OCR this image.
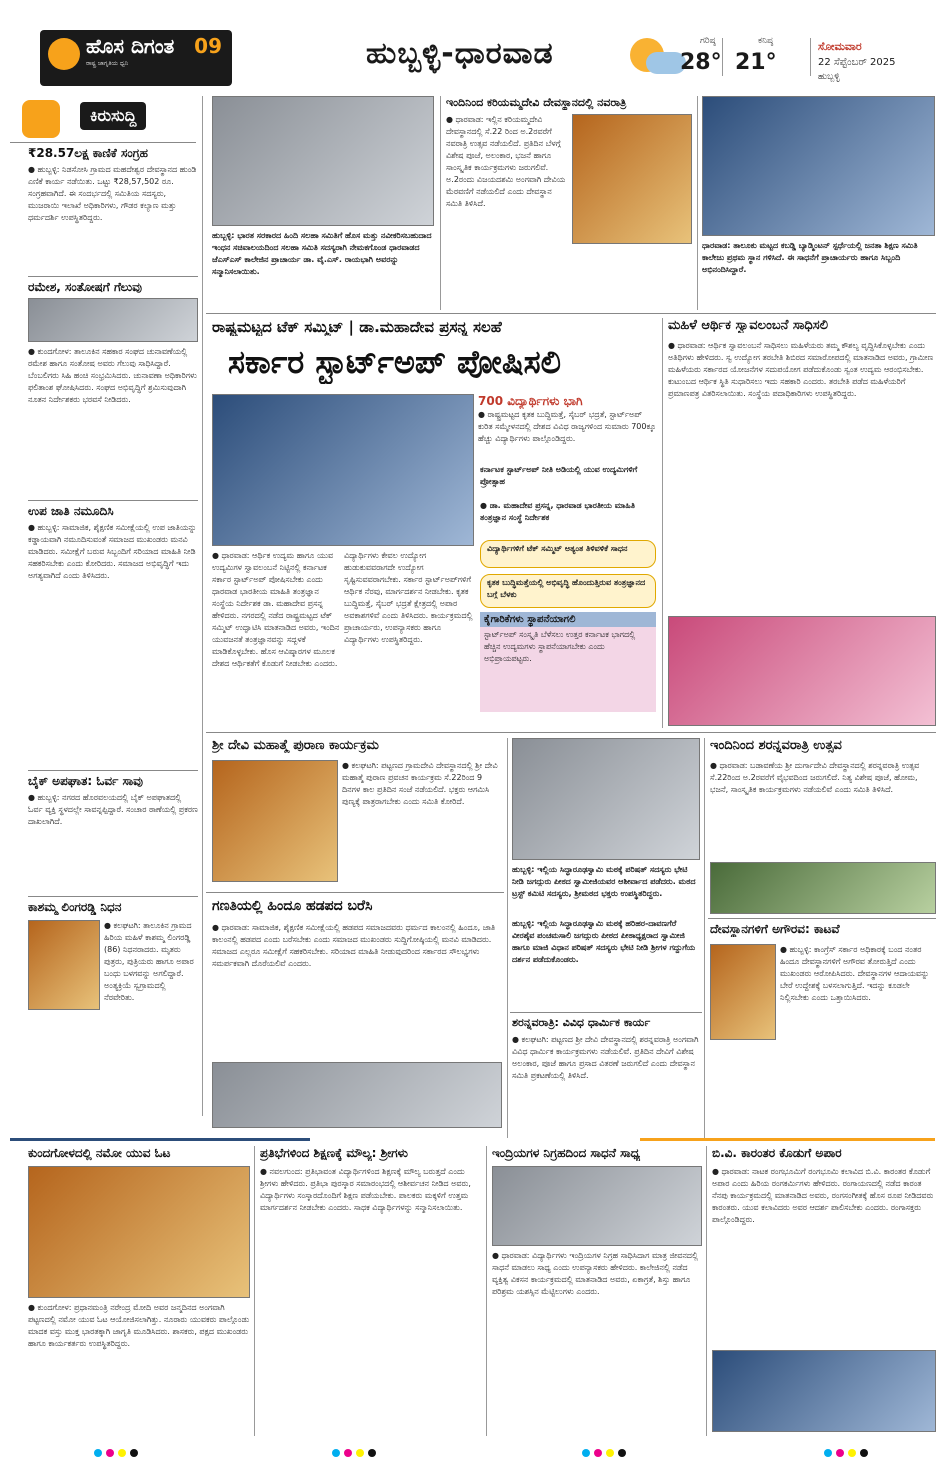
ಹೊಸ ದಿಗಂತ
ರಾಷ್ಟ್ರ ಜಾಗೃತಿಯ ಧ್ವನಿ
09	ಹುಬ್ಬಳ್ಳಿ-ಧಾರವಾಡ	ಗರಿಷ್ಠ
28°
ಕನಿಷ್ಠ
21°
ಸೋಮವಾರ
22 ಸೆಪ್ಟೆಂಬರ್ 2025
ಹುಬ್ಬಳ್ಳಿ
ಕಿರುಸುದ್ದಿ
₹28.57ಲಕ್ಷ ಕಾಣಿಕೆ ಸಂಗ್ರಹ
● ಹುಬ್ಬಳ್ಳಿ: ನಿಡಸೋಸಿ ಗ್ರಾಮದ ಮಹದೇಶ್ವರ ದೇವಸ್ಥಾನದ ಹುಂಡಿ ಎಣಿಕೆ ಕಾರ್ಯ ನಡೆಯಿತು. ಒಟ್ಟು ₹28,57,502 ರೂ. ಸಂಗ್ರಹವಾಗಿದೆ. ಈ ಸಂದರ್ಭದಲ್ಲಿ ಸಮಿತಿಯ ಸದಸ್ಯರು, ಮುಜರಾಯಿ ಇಲಾಖೆ ಅಧಿಕಾರಿಗಳು, ಗೌಡರ ಕಲ್ಯಾಣ ಮತ್ತು ಧರ್ಮದರ್ಶಿ ಉಪಸ್ಥಿತರಿದ್ದರು.
ರಮೇಶ, ಸಂತೋಷಗೆ ಗೆಲುವು
● ಕುಂದಗೋಳ: ತಾಲೂಕಿನ ಸಹಕಾರ ಸಂಘದ ಚುನಾವಣೆಯಲ್ಲಿ ರಮೇಶ ಹಾಗೂ ಸಂತೋಷ ಅವರು ಗೆಲುವು ಸಾಧಿಸಿದ್ದಾರೆ. ಬೆಂಬಲಿಗರು ಸಿಹಿ ಹಂಚಿ ಸಂಭ್ರಮಿಸಿದರು. ಚುನಾವಣಾ ಅಧಿಕಾರಿಗಳು ಫಲಿತಾಂಶ ಘೋಷಿಸಿದರು. ಸಂಘದ ಅಭಿವೃದ್ಧಿಗೆ ಶ್ರಮಿಸುವುದಾಗಿ ನೂತನ ನಿರ್ದೇಶಕರು ಭರವಸೆ ನೀಡಿದರು.
ಉಪ ಜಾತಿ ನಮೂದಿಸಿ
● ಹುಬ್ಬಳ್ಳಿ: ಸಾಮಾಜಿಕ, ಶೈಕ್ಷಣಿಕ ಸಮೀಕ್ಷೆಯಲ್ಲಿ ಉಪ ಜಾತಿಯನ್ನು ಕಡ್ಡಾಯವಾಗಿ ನಮೂದಿಸುವಂತೆ ಸಮಾಜದ ಮುಖಂಡರು ಮನವಿ ಮಾಡಿದರು. ಸಮೀಕ್ಷೆಗೆ ಬರುವ ಸಿಬ್ಬಂದಿಗೆ ಸರಿಯಾದ ಮಾಹಿತಿ ನೀಡಿ ಸಹಕರಿಸಬೇಕು ಎಂದು ಕೋರಿದರು. ಸಮಾಜದ ಅಭಿವೃದ್ಧಿಗೆ ಇದು ಅಗತ್ಯವಾಗಿದೆ ಎಂದು ತಿಳಿಸಿದರು.
ಬೈಕ್ ಅಪಘಾತ: ಓರ್ವ ಸಾವು
● ಹುಬ್ಬಳ್ಳಿ: ನಗರದ ಹೊರವಲಯದಲ್ಲಿ ಬೈಕ್ ಅಪಘಾತದಲ್ಲಿ ಓರ್ವ ವ್ಯಕ್ತಿ ಸ್ಥಳದಲ್ಲೇ ಸಾವನ್ನಪ್ಪಿದ್ದಾರೆ. ಸಂಚಾರ ಠಾಣೆಯಲ್ಲಿ ಪ್ರಕರಣ ದಾಖಲಾಗಿದೆ.
ಕಾಶಮ್ಮ ಲಿಂಗರಡ್ಡಿ ನಿಧನ
● ಕಲಘಟಗಿ: ತಾಲೂಕಿನ ಗ್ರಾಮದ ಹಿರಿಯ ಮಹಿಳೆ ಕಾಶಮ್ಮ ಲಿಂಗರಡ್ಡಿ (86) ನಿಧನರಾದರು. ಮೃತರು ಪುತ್ರರು, ಪುತ್ರಿಯರು ಹಾಗೂ ಅಪಾರ ಬಂಧು ಬಳಗವನ್ನು ಅಗಲಿದ್ದಾರೆ. ಅಂತ್ಯಕ್ರಿಯೆ ಸ್ವಗ್ರಾಮದಲ್ಲಿ ನೆರವೇರಿತು.
ಹುಬ್ಬಳ್ಳಿ: ಭಾರತ ಸರಕಾರದ ಹಿಂದಿ ಸಲಹಾ ಸಮಿತಿಗೆ ಹೊಸ ಮತ್ತು ನವೀಕರಿಸಬಹುದಾದ ಇಂಧನ ಸಚಿವಾಲಯದಿಂದ ಸಲಹಾ ಸಮಿತಿ ಸದಸ್ಯರಾಗಿ ನೇಮಕಗೊಂಡ ಧಾರವಾಡದ ಜೆಎಸ್ಎಸ್ ಕಾಲೇಜಿನ ಪ್ರಾಚಾರ್ಯ ಡಾ. ವೈ.ಎಸ್. ರಾಯಭಾಗಿ ಅವರನ್ನು ಸನ್ಮಾನಿಸಲಾಯಿತು.
ಇಂದಿನಿಂದ ಕರಿಯಮ್ಮದೇವಿ ದೇವಸ್ಥಾನದಲ್ಲಿ ನವರಾತ್ರಿ
● ಧಾರವಾಡ: ಇಲ್ಲಿನ ಕರಿಯಮ್ಮದೇವಿ ದೇವಸ್ಥಾನದಲ್ಲಿ ಸೆ.22 ರಿಂದ ಅ.2ರವರೆಗೆ ನವರಾತ್ರಿ ಉತ್ಸವ ನಡೆಯಲಿದೆ. ಪ್ರತಿದಿನ ಬೆಳಗ್ಗೆ ವಿಶೇಷ ಪೂಜೆ, ಅಲಂಕಾರ, ಭಜನೆ ಹಾಗೂ ಸಾಂಸ್ಕೃತಿಕ ಕಾರ್ಯಕ್ರಮಗಳು ಜರುಗಲಿವೆ. ಅ.2ರಂದು ವಿಜಯದಶಮಿ ಅಂಗವಾಗಿ ದೇವಿಯ ಮೆರವಣಿಗೆ ನಡೆಯಲಿದೆ ಎಂದು ದೇವಸ್ಥಾನ ಸಮಿತಿ ತಿಳಿಸಿದೆ.
ಧಾರವಾಡ: ತಾಲೂಕು ಮಟ್ಟದ ಕಬಡ್ಡಿ ಬ್ಯಾಡ್ಮಿಂಟನ್ ಸ್ಪರ್ಧೆಯಲ್ಲಿ ಜನತಾ ಶಿಕ್ಷಣ ಸಮಿತಿ ಕಾಲೇಜು ಪ್ರಥಮ ಸ್ಥಾನ ಗಳಿಸಿದೆ. ಈ ಸಾಧನೆಗೆ ಪ್ರಾಚಾರ್ಯರು ಹಾಗೂ ಸಿಬ್ಬಂದಿ ಅಭಿನಂದಿಸಿದ್ದಾರೆ.
ರಾಷ್ಟ್ರಮಟ್ಟದ ಟೆಕ್ ಸಮ್ಮಿಟ್ | ಡಾ.ಮಹಾದೇವ ಪ್ರಸನ್ನ ಸಲಹೆ
ಸರ್ಕಾರ ಸ್ಟಾರ್ಟ್‌ಅಪ್ ಪೋಷಿಸಲಿ
700 ವಿದ್ಯಾರ್ಥಿಗಳು ಭಾಗಿ
● ರಾಷ್ಟ್ರಮಟ್ಟದ ಕೃತಕ ಬುದ್ಧಿಮತ್ತೆ, ಸೈಬರ್ ಭದ್ರತೆ, ಸ್ಟಾರ್ಟ್‌ಅಪ್ ಕುರಿತ ಸಮ್ಮೇಳನದಲ್ಲಿ ದೇಶದ ವಿವಿಧ ರಾಜ್ಯಗಳಿಂದ ಸುಮಾರು 700ಕ್ಕೂ ಹೆಚ್ಚು ವಿದ್ಯಾರ್ಥಿಗಳು ಪಾಲ್ಗೊಂಡಿದ್ದರು.
ಕರ್ನಾಟಕ ಸ್ಟಾರ್ಟ್‌ಅಪ್ ನೀತಿ ಅಡಿಯಲ್ಲಿ ಯುವ ಉದ್ಯಮಿಗಳಿಗೆ ಪ್ರೋತ್ಸಾಹ
● ಡಾ. ಮಹಾದೇವ ಪ್ರಸನ್ನ, ಧಾರವಾಡ ಭಾರತೀಯ ಮಾಹಿತಿ ತಂತ್ರಜ್ಞಾನ ಸಂಸ್ಥೆ ನಿರ್ದೇಶಕ
ವಿದ್ಯಾರ್ಥಿಗಳಿಗೆ ಟೆಕ್ ಸಮ್ಮಿಟ್ ಅತ್ಯಂತ ತಿಳಿವಳಿಕೆ ಸಾಧನ
ಕೃತಕ ಬುದ್ಧಿಮತ್ತೆಯಲ್ಲಿ ಅಭಿವೃದ್ಧಿ ಹೊಂದುತ್ತಿರುವ ತಂತ್ರಜ್ಞಾನದ ಬಗ್ಗೆ ಬೆಳಕು
ಕೈಗಾರಿಕೆಗಳು ಸ್ಥಾಪನೆಯಾಗಲಿ
ಸ್ಟಾರ್ಟ್‌ಅಪ್ ಸಂಸ್ಕೃತಿ ಬೆಳೆಸಲು ಉತ್ತರ ಕರ್ನಾಟಕ ಭಾಗದಲ್ಲಿ ಹೆಚ್ಚಿನ ಉದ್ಯಮಗಳು ಸ್ಥಾಪನೆಯಾಗಬೇಕು ಎಂದು ಅಭಿಪ್ರಾಯಪಟ್ಟರು.
● ಧಾರವಾಡ: ಆರ್ಥಿಕ ಉದ್ಯಮ ಹಾಗೂ ಯುವ ಉದ್ಯಮಿಗಳ ಸ್ವಾವಲಂಬನೆ ನಿಟ್ಟಿನಲ್ಲಿ ಕರ್ನಾಟಕ ಸರ್ಕಾರ ಸ್ಟಾರ್ಟ್‌ಅಪ್ ಪೋಷಿಸಬೇಕು ಎಂದು ಧಾರವಾಡ ಭಾರತೀಯ ಮಾಹಿತಿ ತಂತ್ರಜ್ಞಾನ ಸಂಸ್ಥೆಯ ನಿರ್ದೇಶಕ ಡಾ. ಮಹಾದೇವ ಪ್ರಸನ್ನ ಹೇಳಿದರು. ನಗರದಲ್ಲಿ ನಡೆದ ರಾಷ್ಟ್ರಮಟ್ಟದ ಟೆಕ್ ಸಮ್ಮಿಟ್ ಉದ್ಘಾಟಿಸಿ ಮಾತನಾಡಿದ ಅವರು, ಇಂದಿನ ಯುವಜನತೆ ತಂತ್ರಜ್ಞಾನವನ್ನು ಸದ್ಬಳಕೆ ಮಾಡಿಕೊಳ್ಳಬೇಕು. ಹೊಸ ಆವಿಷ್ಕಾರಗಳ ಮೂಲಕ ದೇಶದ ಆರ್ಥಿಕತೆಗೆ ಕೊಡುಗೆ ನೀಡಬೇಕು ಎಂದರು.
ವಿದ್ಯಾರ್ಥಿಗಳು ಕೇವಲ ಉದ್ಯೋಗ ಹುಡುಕುವವರಾಗದೇ ಉದ್ಯೋಗ ಸೃಷ್ಟಿಸುವವರಾಗಬೇಕು. ಸರ್ಕಾರ ಸ್ಟಾರ್ಟ್‌ಅಪ್‌ಗಳಿಗೆ ಆರ್ಥಿಕ ನೆರವು, ಮಾರ್ಗದರ್ಶನ ನೀಡಬೇಕು. ಕೃತಕ ಬುದ್ಧಿಮತ್ತೆ, ಸೈಬರ್ ಭದ್ರತೆ ಕ್ಷೇತ್ರದಲ್ಲಿ ಅಪಾರ ಅವಕಾಶಗಳಿವೆ ಎಂದು ತಿಳಿಸಿದರು. ಕಾರ್ಯಕ್ರಮದಲ್ಲಿ ಪ್ರಾಚಾರ್ಯರು, ಉಪನ್ಯಾಸಕರು ಹಾಗೂ ವಿದ್ಯಾರ್ಥಿಗಳು ಉಪಸ್ಥಿತರಿದ್ದರು.
ಮಹಿಳೆ ಆರ್ಥಿಕ ಸ್ವಾವಲಂಬನೆ ಸಾಧಿಸಲಿ
● ಧಾರವಾಡ: ಆರ್ಥಿಕ ಸ್ವಾವಲಂಬನೆ ಸಾಧಿಸಲು ಮಹಿಳೆಯರು ತಮ್ಮ ಕೌಶಲ್ಯ ವೃದ್ಧಿಸಿಕೊಳ್ಳಬೇಕು ಎಂದು ಅತಿಥಿಗಳು ಹೇಳಿದರು. ಸ್ವ ಉದ್ಯೋಗ ತರಬೇತಿ ಶಿಬಿರದ ಸಮಾರೋಪದಲ್ಲಿ ಮಾತನಾಡಿದ ಅವರು, ಗ್ರಾಮೀಣ ಮಹಿಳೆಯರು ಸರ್ಕಾರದ ಯೋಜನೆಗಳ ಸದುಪಯೋಗ ಪಡೆದುಕೊಂಡು ಸ್ವಂತ ಉದ್ಯಮ ಆರಂಭಿಸಬೇಕು. ಕುಟುಂಬದ ಆರ್ಥಿಕ ಸ್ಥಿತಿ ಸುಧಾರಿಸಲು ಇದು ಸಹಕಾರಿ ಎಂದರು. ತರಬೇತಿ ಪಡೆದ ಮಹಿಳೆಯರಿಗೆ ಪ್ರಮಾಣಪತ್ರ ವಿತರಿಸಲಾಯಿತು. ಸಂಸ್ಥೆಯ ಪದಾಧಿಕಾರಿಗಳು ಉಪಸ್ಥಿತರಿದ್ದರು.
ಶ್ರೀ ದೇವಿ ಮಹಾತ್ಮೆ ಪುರಾಣ ಕಾರ್ಯಕ್ರಮ
● ಕಲಘಟಗಿ: ಪಟ್ಟಣದ ಗ್ರಾಮದೇವಿ ದೇವಸ್ಥಾನದಲ್ಲಿ ಶ್ರೀ ದೇವಿ ಮಹಾತ್ಮೆ ಪುರಾಣ ಪ್ರವಚನ ಕಾರ್ಯಕ್ರಮ ಸೆ.22ರಿಂದ 9 ದಿನಗಳ ಕಾಲ ಪ್ರತಿದಿನ ಸಂಜೆ ನಡೆಯಲಿದೆ. ಭಕ್ತರು ಆಗಮಿಸಿ ಪುಣ್ಯಕ್ಕೆ ಪಾತ್ರರಾಗಬೇಕು ಎಂದು ಸಮಿತಿ ಕೋರಿದೆ.
ಹುಬ್ಬಳ್ಳಿ: ಇಲ್ಲಿಯ ಸಿದ್ಧಾರೂಢಸ್ವಾಮಿ ಮಠಕ್ಕೆ ಪರಿಷತ್ ಸದಸ್ಯರು ಭೇಟಿ ನೀಡಿ ಜಗದ್ಗುರು ಪೀಠದ ಸ್ವಾಮೀಜಿಯವರ ಆಶೀರ್ವಾದ ಪಡೆದರು. ಮಠದ ಟ್ರಸ್ಟ್ ಕಮಿಟಿ ಸದಸ್ಯರು, ಶ್ರೀಮಠದ ಭಕ್ತರು ಉಪಸ್ಥಿತರಿದ್ದರು.
ಇಂದಿನಿಂದ ಶರನ್ನವರಾತ್ರಿ ಉತ್ಸವ
● ಧಾರವಾಡ: ಬಡಾವಣೆಯ ಶ್ರೀ ದುರ್ಗಾದೇವಿ ದೇವಸ್ಥಾನದಲ್ಲಿ ಶರನ್ನವರಾತ್ರಿ ಉತ್ಸವ ಸೆ.22ರಿಂದ ಅ.2ರವರೆಗೆ ವೈಭವದಿಂದ ಜರುಗಲಿದೆ. ನಿತ್ಯ ವಿಶೇಷ ಪೂಜೆ, ಹೋಮ, ಭಜನೆ, ಸಾಂಸ್ಕೃತಿಕ ಕಾರ್ಯಕ್ರಮಗಳು ನಡೆಯಲಿವೆ ಎಂದು ಸಮಿತಿ ತಿಳಿಸಿದೆ.
ಗಣತಿಯಲ್ಲಿ ಹಿಂದೂ ಹಡಪದ ಬರೆಸಿ
● ಧಾರವಾಡ: ಸಾಮಾಜಿಕ, ಶೈಕ್ಷಣಿಕ ಸಮೀಕ್ಷೆಯಲ್ಲಿ ಹಡಪದ ಸಮಾಜದವರು ಧರ್ಮದ ಕಾಲಂನಲ್ಲಿ ಹಿಂದೂ, ಜಾತಿ ಕಾಲಂನಲ್ಲಿ ಹಡಪದ ಎಂದು ಬರೆಸಬೇಕು ಎಂದು ಸಮಾಜದ ಮುಖಂಡರು ಸುದ್ದಿಗೋಷ್ಠಿಯಲ್ಲಿ ಮನವಿ ಮಾಡಿದರು. ಸಮಾಜದ ಎಲ್ಲರೂ ಸಮೀಕ್ಷೆಗೆ ಸಹಕರಿಸಬೇಕು. ಸರಿಯಾದ ಮಾಹಿತಿ ನೀಡುವುದರಿಂದ ಸರ್ಕಾರದ ಸೌಲಭ್ಯಗಳು ಸಮರ್ಪಕವಾಗಿ ದೊರೆಯಲಿವೆ ಎಂದರು.
ಹುಬ್ಬಳ್ಳಿ: ಇಲ್ಲಿಯ ಸಿದ್ಧಾರೂಢಸ್ವಾಮಿ ಮಠಕ್ಕೆ ಹರಿಹರ-ದಾವಣಗೆರೆ ವೀರಶೈವ ಪಂಚಮಸಾಲಿ ಜಗದ್ಗುರು ಪೀಠದ ಪೀಠಾಧ್ಯಕ್ಷರಾದ ಸ್ವಾಮೀಜಿ ಹಾಗೂ ಮಾಜಿ ವಿಧಾನ ಪರಿಷತ್ ಸದಸ್ಯರು ಭೇಟಿ ನೀಡಿ ಶ್ರೀಗಳ ಗದ್ದುಗೆಯ ದರ್ಶನ ಪಡೆದುಕೊಂಡರು.
ದೇವಸ್ಥಾನಗಳಿಗೆ ಅಗೌರವ: ಕಾಟವೆ
● ಹುಬ್ಬಳ್ಳಿ: ಕಾಂಗ್ರೆಸ್ ಸರ್ಕಾರ ಅಧಿಕಾರಕ್ಕೆ ಬಂದ ನಂತರ ಹಿಂದೂ ದೇವಸ್ಥಾನಗಳಿಗೆ ಅಗೌರವ ತೋರುತ್ತಿದೆ ಎಂದು ಮುಖಂಡರು ಆರೋಪಿಸಿದರು. ದೇವಸ್ಥಾನಗಳ ಆದಾಯವನ್ನು ಬೇರೆ ಉದ್ದೇಶಕ್ಕೆ ಬಳಸಲಾಗುತ್ತಿದೆ. ಇದನ್ನು ಕೂಡಲೇ ನಿಲ್ಲಿಸಬೇಕು ಎಂದು ಒತ್ತಾಯಿಸಿದರು.
ಶರನ್ನವರಾತ್ರಿ: ವಿವಿಧ ಧಾರ್ಮಿಕ ಕಾರ್ಯ
● ಕಲಘಟಗಿ: ಪಟ್ಟಣದ ಶ್ರೀ ದೇವಿ ದೇವಸ್ಥಾನದಲ್ಲಿ ಶರನ್ನವರಾತ್ರಿ ಅಂಗವಾಗಿ ವಿವಿಧ ಧಾರ್ಮಿಕ ಕಾರ್ಯಕ್ರಮಗಳು ನಡೆಯಲಿವೆ. ಪ್ರತಿದಿನ ದೇವಿಗೆ ವಿಶೇಷ ಅಲಂಕಾರ, ಪೂಜೆ ಹಾಗೂ ಪ್ರಸಾದ ವಿತರಣೆ ಜರುಗಲಿದೆ ಎಂದು ದೇವಸ್ಥಾನ ಸಮಿತಿ ಪ್ರಕಟಣೆಯಲ್ಲಿ ತಿಳಿಸಿದೆ.
ಕುಂದಗೋಳದಲ್ಲಿ ನಮೋ ಯುವ ಓಟ
● ಕುಂದಗೋಳ: ಪ್ರಧಾನಮಂತ್ರಿ ನರೇಂದ್ರ ಮೋದಿ ಅವರ ಜನ್ಮದಿನದ ಅಂಗವಾಗಿ ಪಟ್ಟಣದಲ್ಲಿ ನಮೋ ಯುವ ಓಟ ಆಯೋಜಿಸಲಾಗಿತ್ತು. ನೂರಾರು ಯುವಕರು ಪಾಲ್ಗೊಂಡು ಮಾದಕ ವಸ್ತು ಮುಕ್ತ ಭಾರತಕ್ಕಾಗಿ ಜಾಗೃತಿ ಮೂಡಿಸಿದರು. ಶಾಸಕರು, ಪಕ್ಷದ ಮುಖಂಡರು ಹಾಗೂ ಕಾರ್ಯಕರ್ತರು ಉಪಸ್ಥಿತರಿದ್ದರು.
ಪ್ರತಿಭೆಗಳಿಂದ ಶಿಕ್ಷಣಕ್ಕೆ ಮೌಲ್ಯ: ಶ್ರೀಗಳು
● ನವಲಗುಂದ: ಪ್ರತಿಭಾವಂತ ವಿದ್ಯಾರ್ಥಿಗಳಿಂದ ಶಿಕ್ಷಣಕ್ಕೆ ಮೌಲ್ಯ ಬರುತ್ತದೆ ಎಂದು ಶ್ರೀಗಳು ಹೇಳಿದರು. ಪ್ರತಿಭಾ ಪುರಸ್ಕಾರ ಸಮಾರಂಭದಲ್ಲಿ ಆಶೀರ್ವಚನ ನೀಡಿದ ಅವರು, ವಿದ್ಯಾರ್ಥಿಗಳು ಸಂಸ್ಕಾರದೊಂದಿಗೆ ಶಿಕ್ಷಣ ಪಡೆಯಬೇಕು. ಪಾಲಕರು ಮಕ್ಕಳಿಗೆ ಉತ್ತಮ ಮಾರ್ಗದರ್ಶನ ನೀಡಬೇಕು ಎಂದರು. ಸಾಧಕ ವಿದ್ಯಾರ್ಥಿಗಳನ್ನು ಸನ್ಮಾನಿಸಲಾಯಿತು.
ಇಂದ್ರಿಯಗಳ ನಿಗ್ರಹದಿಂದ ಸಾಧನೆ ಸಾಧ್ಯ
● ಧಾರವಾಡ: ವಿದ್ಯಾರ್ಥಿಗಳು ಇಂದ್ರಿಯಗಳ ನಿಗ್ರಹ ಸಾಧಿಸಿದಾಗ ಮಾತ್ರ ಜೀವನದಲ್ಲಿ ಸಾಧನೆ ಮಾಡಲು ಸಾಧ್ಯ ಎಂದು ಉಪನ್ಯಾಸಕರು ಹೇಳಿದರು. ಕಾಲೇಜಿನಲ್ಲಿ ನಡೆದ ವ್ಯಕ್ತಿತ್ವ ವಿಕಸನ ಕಾರ್ಯಕ್ರಮದಲ್ಲಿ ಮಾತನಾಡಿದ ಅವರು, ಏಕಾಗ್ರತೆ, ಶಿಸ್ತು ಹಾಗೂ ಪರಿಶ್ರಮ ಯಶಸ್ಸಿನ ಮೆಟ್ಟಿಲುಗಳು ಎಂದರು.
ಬಿ.ವಿ. ಕಾರಂತರ ಕೊಡುಗೆ ಅಪಾರ
● ಧಾರವಾಡ: ನಾಟಕ ರಂಗಭೂಮಿಗೆ ರಂಗಭೂಮಿ ಕಲಾವಿದ ಬಿ.ವಿ. ಕಾರಂತರ ಕೊಡುಗೆ ಅಪಾರ ಎಂದು ಹಿರಿಯ ರಂಗಕರ್ಮಿಗಳು ಹೇಳಿದರು. ರಂಗಾಯಣದಲ್ಲಿ ನಡೆದ ಕಾರಂತ ನೆನಪು ಕಾರ್ಯಕ್ರಮದಲ್ಲಿ ಮಾತನಾಡಿದ ಅವರು, ರಂಗಸಂಗೀತಕ್ಕೆ ಹೊಸ ರೂಪ ನೀಡಿದವರು ಕಾರಂತರು. ಯುವ ಕಲಾವಿದರು ಅವರ ಆದರ್ಶ ಪಾಲಿಸಬೇಕು ಎಂದರು. ರಂಗಾಸಕ್ತರು ಪಾಲ್ಗೊಂಡಿದ್ದರು.
